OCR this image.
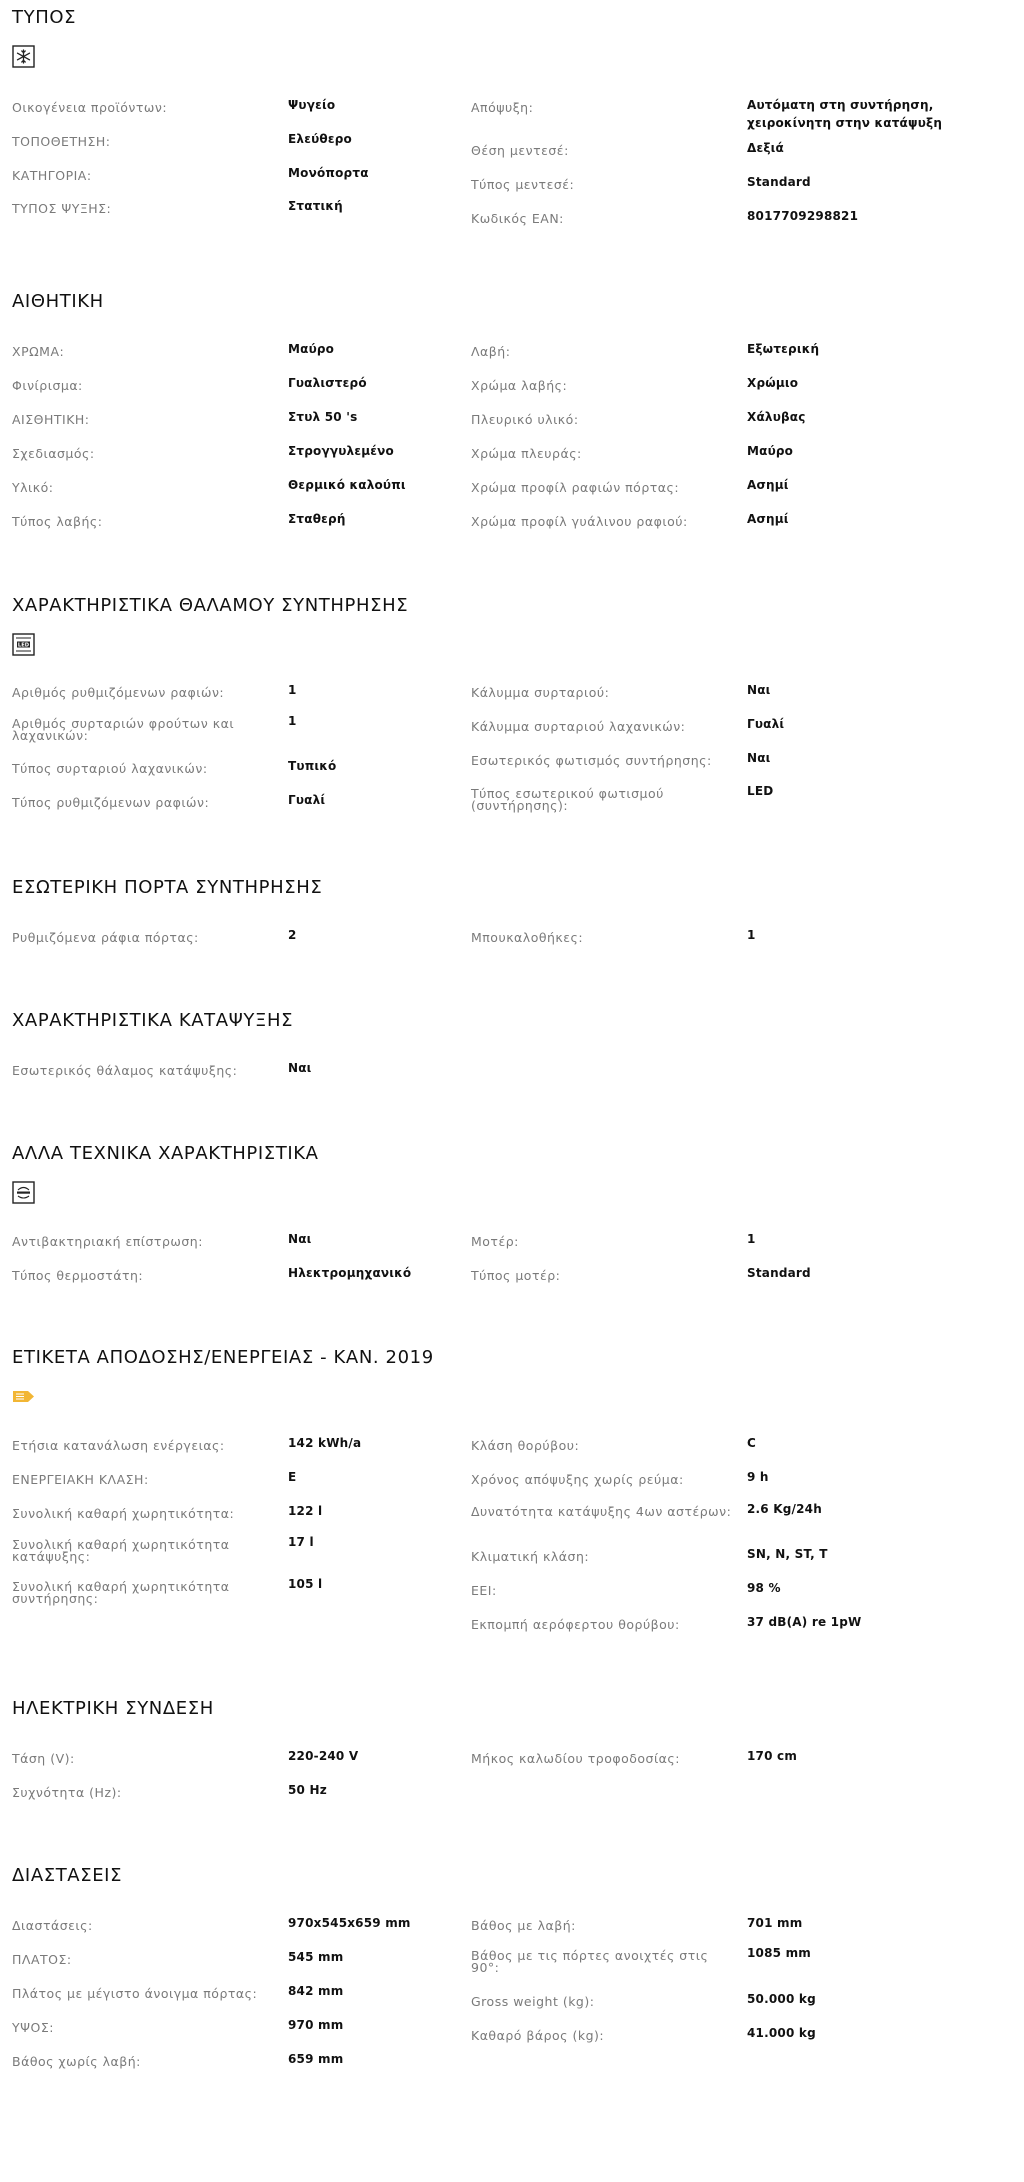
ΤΥΠΟΣ
Οικογένεια προϊόντων:	Ψυγείο
ΤΟΠΟΘΕΤΗΣΗ:	Ελεύθερο
ΚΑΤΗΓΟΡΙΑ:	Μονόπορτα
ΤΥΠΟΣ ΨΥΞΗΣ:	Στατική
Απόψυξη:	Αυτόματη στη συντήρηση, χειροκίνητη στην κατάψυξη
Θέση μεντεσέ:	Δεξιά
Τύπος μεντεσέ:	Standard
Κωδικός EAN:	8017709298821
ΑΙΘΗΤΙΚΗ
ΧΡΩΜΑ:	Μαύρο
Φινίρισμα:	Γυαλιστερό
ΑΙΣΘΗΤΙΚΗ:	Στυλ 50 's
Σχεδιασμός:	Στρογγυλεμένο
Υλικό:	Θερμικό καλούπι
Τύπος λαβής:	Σταθερή
Λαβή:	Εξωτερική
Χρώμα λαβής:	Χρώμιο
Πλευρικό υλικό:	Χάλυβας
Χρώμα πλευράς:	Μαύρο
Χρώμα προφίλ ραφιών πόρτας:	Ασημί
Χρώμα προφίλ γυάλινου ραφιού:	Ασημί
ΧΑΡΑΚΤΗΡΙΣΤΙΚΑ ΘΑΛΑΜΟΥ ΣΥΝΤΗΡΗΣΗΣ
LED
Αριθμός ρυθμιζόμενων ραφιών:	1
Αριθμός συρταριών φρούτων και λαχανικών:
1
Τύπος συρταριού λαχανικών:	Τυπικό
Τύπος ρυθμιζόμενων ραφιών:	Γυαλί
Κάλυμμα συρταριού:	Ναι
Κάλυμμα συρταριού λαχανικών:	Γυαλί
Εσωτερικός φωτισμός συντήρησης:	Ναι
Τύπος εσωτερικού φωτισμού (συντήρησης):
LED
ΕΣΩΤΕΡΙΚΗ ΠΟΡΤΑ ΣΥΝΤΗΡΗΣΗΣ
Ρυθμιζόμενα ράφια πόρτας:	2	Μπουκαλοθήκες:	1
ΧΑΡΑΚΤΗΡΙΣΤΙΚΑ ΚΑΤΑΨΥΞΗΣ
Εσωτερικός θάλαμος κατάψυξης:	Ναι
ΑΛΛΑ ΤΕΧΝΙΚΑ ΧΑΡΑΚΤΗΡΙΣΤΙΚΑ
Αντιβακτηριακή επίστρωση:	Ναι
Τύπος θερμοστάτη:	Ηλεκτρομηχανικό
Μοτέρ:	1
Τύπος μοτέρ:	Standard
ΕΤΙΚΕΤΑ ΑΠΟΔΟΣΗΣ/ΕΝΕΡΓΕΙΑΣ - ΚΑΝ. 2019
Ετήσια κατανάλωση ενέργειας:	142 kWh/a
ΕΝΕΡΓΕΙΑΚΗ ΚΛΑΣΗ:	E
Συνολική καθαρή χωρητικότητα:	122 l
Συνολική καθαρή χωρητικότητα κατάψυξης:
17 l
Συνολική καθαρή χωρητικότητα συντήρησης:
105 l
Κλάση θορύβου:	C
Χρόνος απόψυξης χωρίς ρεύμα:	9 h
Δυνατότητα κατάψυξης 4ων αστέρων:	2.6 Kg/24h
Κλιματική κλάση:	SN, N, ST, T
EEI:	98 %
Εκπομπή αερόφερτου θορύβου:	37 dB(A) re 1pW
ΗΛΕΚΤΡΙΚΗ ΣΥΝΔΕΣΗ
Τάση (V):	220-240 V
Συχνότητα (Hz):	50 Hz
Μήκος καλωδίου τροφοδοσίας:	170 cm
ΔΙΑΣΤΑΣΕΙΣ
Διαστάσεις:	970x545x659 mm
ΠΛΑΤΟΣ:	545 mm
Πλάτος με μέγιστο άνοιγμα πόρτας:	842 mm
ΥΨΟΣ:	970 mm
Βάθος χωρίς λαβή:	659 mm
Βάθος με λαβή:	701 mm
Βάθος με τις πόρτες ανοιχτές στις 90°:
1085 mm
Gross weight (kg):	50.000 kg
Καθαρό βάρος (kg):	41.000 kg
